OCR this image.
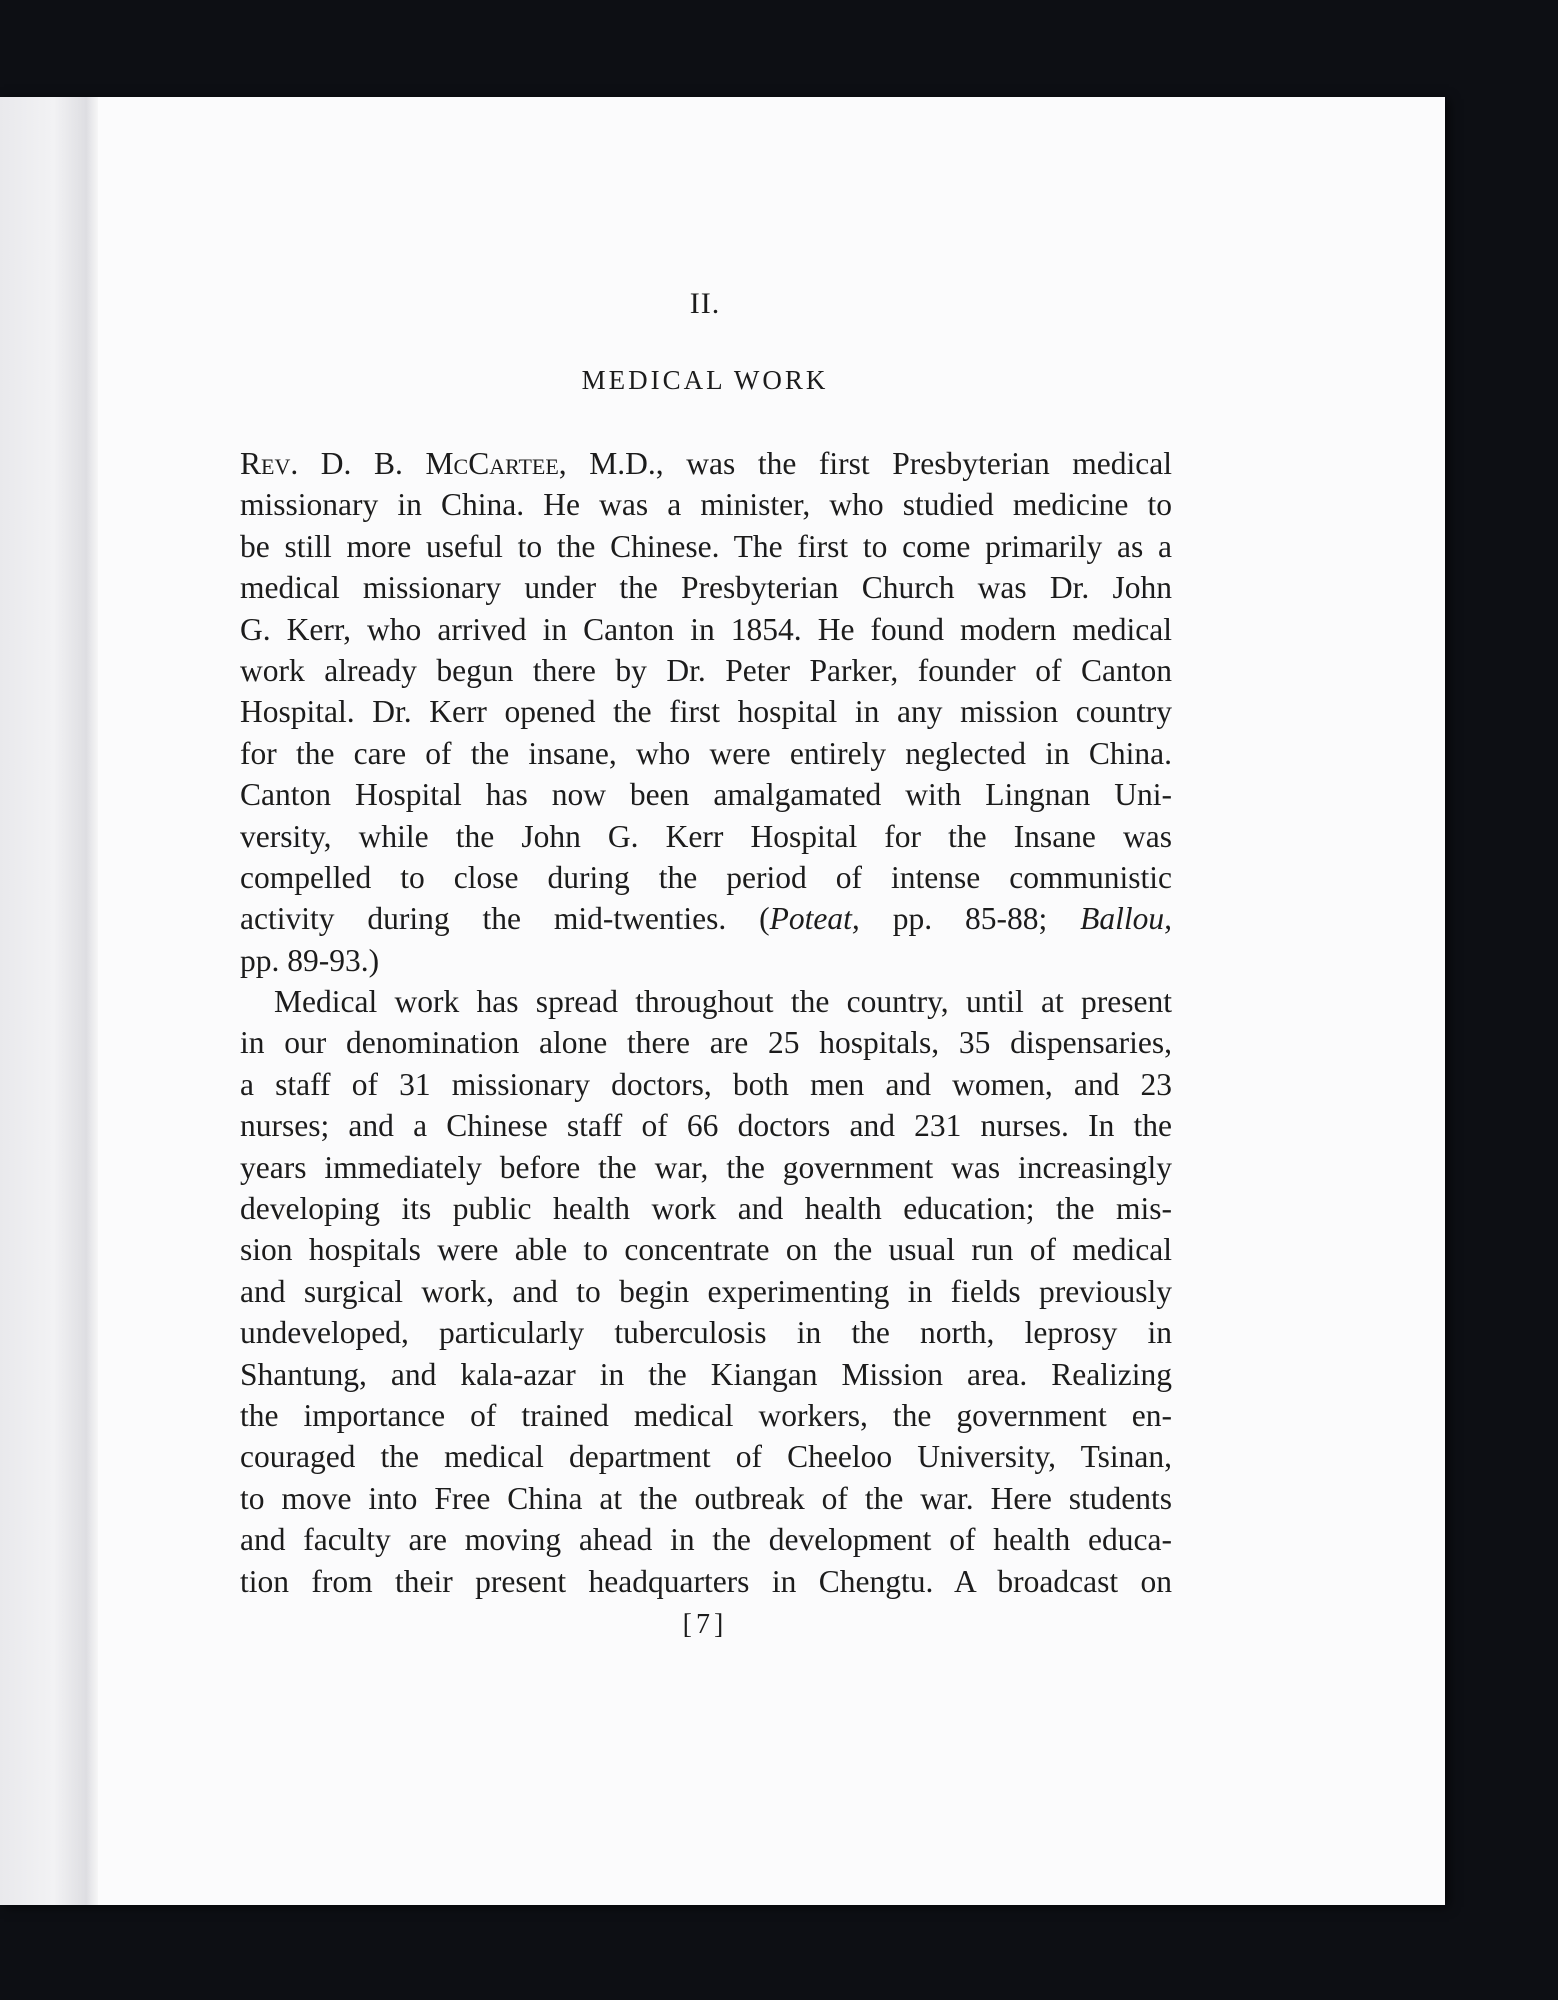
II.
MEDICAL WORK
Rev. D. B. McCartee, M.D., was the first Presbyterian medical
missionary in China. He was a minister, who studied medicine to
be still more useful to the Chinese. The first to come primarily as a
medical missionary under the Presbyterian Church was Dr. John
G. Kerr, who arrived in Canton in 1854. He found modern medical
work already begun there by Dr. Peter Parker, founder of Canton
Hospital. Dr. Kerr opened the first hospital in any mission country
for the care of the insane, who were entirely neglected in China.
Canton Hospital has now been amalgamated with Lingnan Uni-
versity, while the John G. Kerr Hospital for the Insane was
compelled to close during the period of intense communistic
activity during the mid-twenties. (Poteat, pp. 85-88; Ballou,
pp. 89-93.)
Medical work has spread throughout the country, until at present
in our denomination alone there are 25 hospitals, 35 dispensaries,
a staff of 31 missionary doctors, both men and women, and 23
nurses; and a Chinese staff of 66 doctors and 231 nurses. In the
years immediately before the war, the government was increasingly
developing its public health work and health education; the mis-
sion hospitals were able to concentrate on the usual run of medical
and surgical work, and to begin experimenting in fields previously
undeveloped, particularly tuberculosis in the north, leprosy in
Shantung, and kala-azar in the Kiangan Mission area. Realizing
the importance of trained medical workers, the government en-
couraged the medical department of Cheeloo University, Tsinan,
to move into Free China at the outbreak of the war. Here students
and faculty are moving ahead in the development of health educa-
tion from their present headquarters in Chengtu. A broadcast on
[7]
